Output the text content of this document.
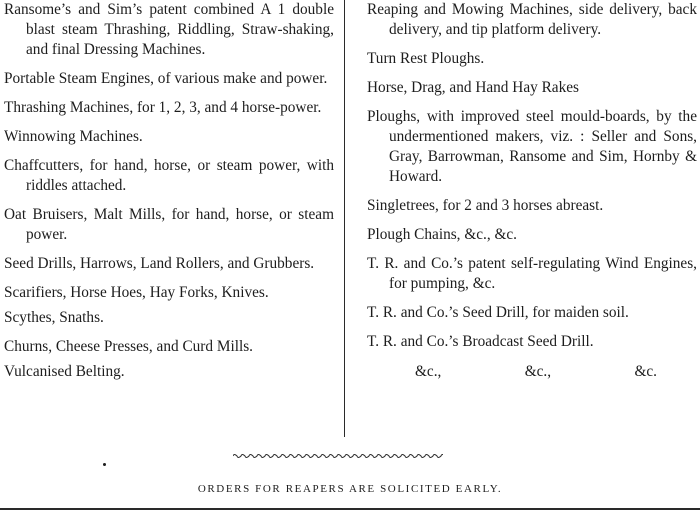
Ransome’s and Sim’s patent combined A 1 double blast steam Thrashing, Riddling, Straw-shaking, and final Dressing Machines.

Portable Steam Engines, of various make and power.

Thrashing Machines, for 1, 2, 3, and 4 horse-power.

Winnowing Machines.

Chaffcutters, for hand, horse, or steam power, with riddles attached.

Oat Bruisers, Malt Mills, for hand, horse, or steam power.

Seed Drills, Harrows, Land Rollers, and Grubbers.

Scarifiers, Horse Hoes, Hay Forks, Knives.

Scythes, Snaths.

Churns, Cheese Presses, and Curd Mills.

Vulcanised Belting.

Reaping and Mowing Machines, side delivery, back delivery, and tip platform delivery.

Turn Rest Ploughs.

Horse, Drag, and Hand Hay Rakes

Ploughs, with improved steel mould-boards, by the undermentioned makers, viz. : Seller and Sons, Gray, Barrowman, Ransome and Sim, Hornby & Howard.

Singletrees, for 2 and 3 horses abreast.

Plough Chains, &c., &c.

T. R. and Co.’s patent self-regulating Wind Engines, for pumping, &c.

T. R. and Co.’s Seed Drill, for maiden soil.

T. R. and Co.’s Broadcast Seed Drill.

&c.,	&c.,	&c.
ORDERS FOR REAPERS ARE SOLICITED EARLY.
